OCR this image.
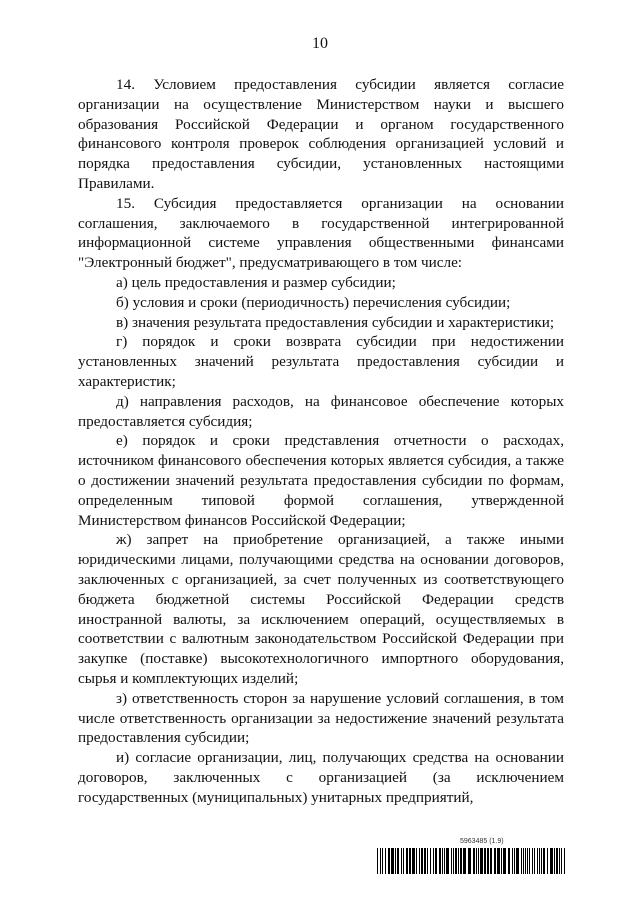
10

14. Условием предоставления субсидии является согласие организации на осуществление Министерством науки и высшего образования Российской Федерации и органом государственного финансового контроля проверок соблюдения организацией условий и порядка предоставления субсидии, установленных настоящими Правилами.

15. Субсидия предоставляется организации на основании соглашения, заключаемого в государственной интегрированной информационной системе управления общественными финансами "Электронный бюджет", предусматривающего в том числе:

а) цель предоставления и размер субсидии;

б) условия и сроки (периодичность) перечисления субсидии;

в) значения результата предоставления субсидии и характеристики;

г) порядок и сроки возврата субсидии при недостижении установленных значений результата предоставления субсидии и характеристик;

д) направления расходов, на финансовое обеспечение которых предоставляется субсидия;

е) порядок и сроки представления отчетности о расходах, источником финансового обеспечения которых является субсидия, а также о достижении значений результата предоставления субсидии по формам, определенным типовой формой соглашения, утвержденной Министерством финансов Российской Федерации;

ж) запрет на приобретение организацией, а также иными юридическими лицами, получающими средства на основании договоров, заключенных с организацией, за счет полученных из соответствующего бюджета бюджетной системы Российской Федерации средств иностранной валюты, за исключением операций, осуществляемых в соответствии с валютным законодательством Российской Федерации при закупке (поставке) высокотехнологичного импортного оборудования, сырья и комплектующих изделий;

з) ответственность сторон за нарушение условий соглашения, в том числе ответственность организации за недостижение значений результата предоставления субсидии;

и) согласие организации, лиц, получающих средства на основании договоров, заключенных с организацией (за исключением государственных (муниципальных) унитарных предприятий,

5963485 (1.9)
